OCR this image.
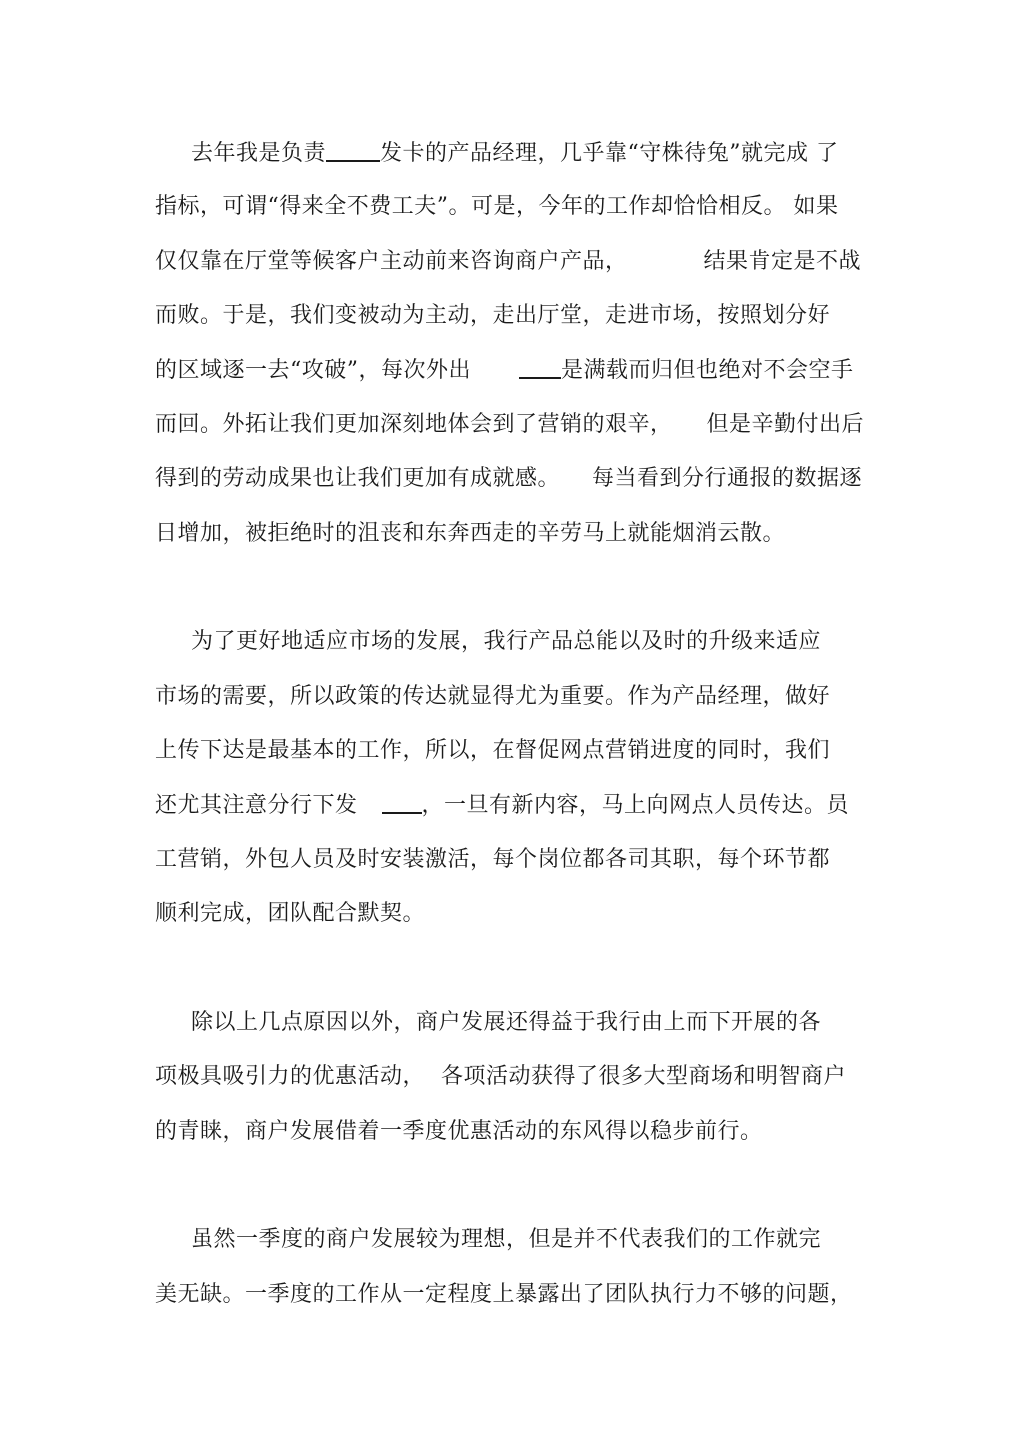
去年我是负责 发卡的产品经理，几乎靠“守株待兔”就完成 了
指标，可谓“得来全不费工夫”。可是，今年的工作却恰恰相反。 如果
仅仅靠在厅堂等候客户主动前来咨询商户产品，	结果肯定是不战
而败。于是，我们变被动为主动，走出厅堂，走进市场，按照划分好
的区域逐一去“攻破”，每次外出	是满载而归但也绝对不会空手
而回。外拓让我们更加深刻地体会到了营销的艰辛， 但是辛勤付出后
得到的劳动成果也让我们更加有成就感。 每当看到分行通报的数据逐
日增加，被拒绝时的沮丧和东奔西走的辛劳马上就能烟消云散。
为了更好地适应市场的发展，我行产品总能以及时的升级来适应
市场的需要，所以政策的传达就显得尤为重要。作为产品经理，做好
上传下达是最基本的工作，所以，在督促网点营销进度的同时，我们
还尤其注意分行下发	，一旦有新内容，马上向网点人员传达。员
工营销，外包人员及时安装激活，每个岗位都各司其职，每个环节都
顺利完成，团队配合默契。
除以上几点原因以外，商户发展还得益于我行由上而下开展的各
项极具吸引力的优惠活动， 各项活动获得了很多大型商场和明智商户
的青睐，商户发展借着一季度优惠活动的东风得以稳步前行。
虽然一季度的商户发展较为理想，但是并不代表我们的工作就完
美无缺。一季度的工作从一定程度上暴露出了团队执行力不够的问题，
